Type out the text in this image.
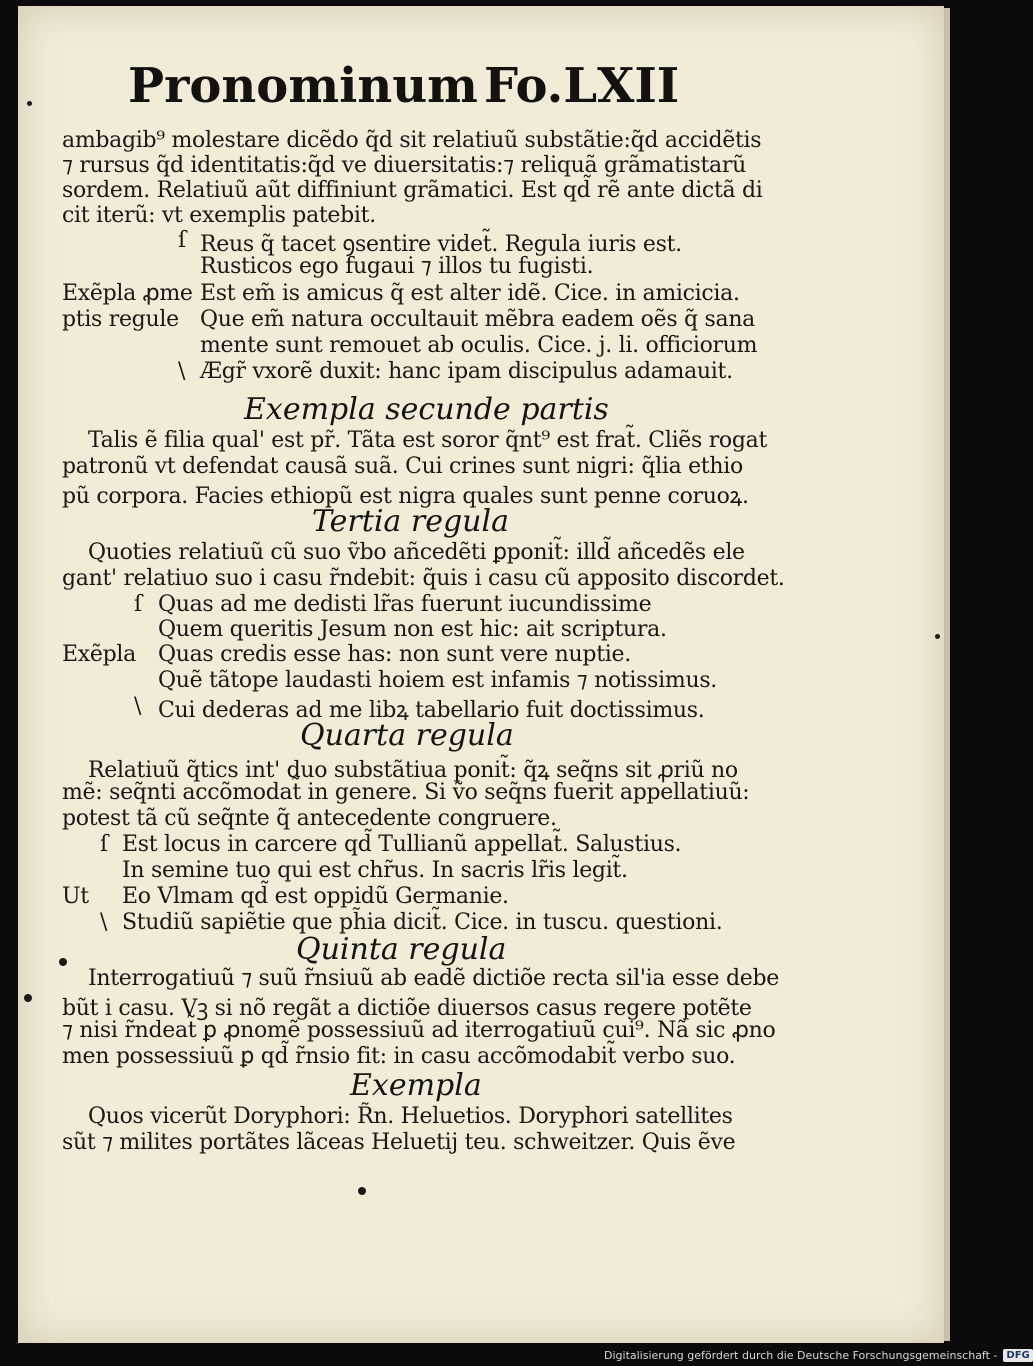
Pronominum Fo.LXII
ambagib⁹ molestare dicẽdo q̃d sit relatiuũ substãtie:q̃d accidẽtis
⁊ rursus q̃d identitatis:q̃d ve diuersitatis:⁊ reliquã grãmatistarũ
sordem. Relatiuũ aũt diffiniunt grãmatici. Est qd̃ rẽ ante dictã di
cit iterũ: vt exemplis patebit.
ſ Reus q̃ tacet ꝯsentire videt̃. Regula iuris est.
Rusticos ego fugaui ⁊ illos tu fugisti.
Exẽpla ꝓme Est em̃ is amicus q̃ est alter idẽ. Cice. in amicicia.
ptis regule Que em̃ natura occultauit mẽbra eadem oẽs q̃ sana
mente sunt remouet ab oculis. Cice. j. li. officiorum
\ Ægr̃ vxorẽ duxit: hanc ipam discipulus adamauit.
Exempla secunde partis
Talis ẽ filia qual' est pr̃. Tãta est soror q̃nt⁹ est frat̃. Cliẽs rogat
patronũ vt defendat causã suã. Cui crines sunt nigri: q̃lia ethio
pũ corpora. Facies ethiopũ est nigra quales sunt penne coruoꝝ.
Tertia regula
Quoties relatiuũ cũ suo ṽbo añcedẽti ꝑponit̃: illd̃ añcedẽs ele
gant' relatiuo suo i casu r̃ndebit: q̃uis i casu cũ apposito discordet.
ſ Quas ad me dedisti lr̃as fuerunt iucundissime
Quem queritis Jesum non est hic: ait scriptura.
Exẽpla Quas credis esse has: non sunt vere nuptie.
Quẽ tãtope laudasti hoiem est infamis ⁊ notissimus.
\ Cui dederas ad me libꝝ tabellario fuit doctissimus.
Quarta regula
Relatiuũ q̃tics int' duo substãtiua ponit̃: q̃ꝝ seq̃ns sit ꝓriũ no
mẽ: seq̃nti accõmodat̃ in genere. Si ṽo seq̃ns fuerit appellatiuũ:
potest tã cũ seq̃nte q̃ antecedente congruere.
ſ Est locus in carcere qd̃ Tullianũ appellat̃. Salustius.
In semine tuo qui est chr̃us. In sacris lr̃is legit̃.
Ut Eo Vlmam qd̃ est oppidũ Germanie.
\ Studiũ sapiẽtie que ph̃ia dicit̃. Cice. in tuscu. questioni.
Quinta regula
Interrogatiuũ ⁊ suũ r̃nsiuũ ab eadẽ dictiõe recta sil'ia esse debe
bũt i casu. Vꝫ si nõ regãt a dictiõe diuersos casus regere potẽte
⁊ nisi r̃ndeat̃ ꝑ ꝓnomẽ possessiuũ ad iterrogatiuũ cui⁹. Nã sic ꝓno
men possessiuũ ꝑ qd̃ r̃nsio fit: in casu accõmodabit̃ verbo suo.
Exempla
Quos vicerũt Doryphori: R̃n. Heluetios. Doryphori satellites
sũt ⁊ milites portãtes lãceas Heluetij teu. schweitzer. Quis ẽve
Digitalisierung gefördert durch die Deutsche Forschungsgemeinschaft - DFG
